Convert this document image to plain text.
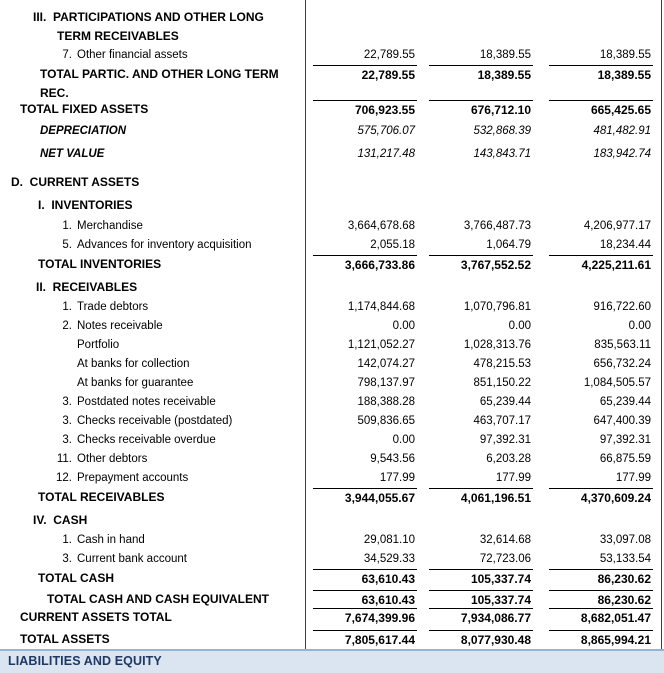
III.  PARTICIPATIONS AND OTHER LONG
TERM RECEIVABLES
7. Other financial assets	22,789.55	18,389.55	18,389.55
TOTAL PARTIC. AND OTHER LONG TERM	22,789.55	18,389.55	18,389.55
REC.
TOTAL FIXED ASSETS	706,923.55	676,712.10	665,425.65
DEPRECIATION	575,706.07	532,868.39	481,482.91
NET VALUE	131,217.48	143,843.71	183,942.74
D.  CURRENT ASSETS
I.  INVENTORIES
1. Merchandise	3,664,678.68	3,766,487.73	4,206,977.17
5. Advances for inventory acquisition	2,055.18	1,064.79	18,234.44
TOTAL INVENTORIES	3,666,733.86	3,767,552.52	4,225,211.61
II.  RECEIVABLES
1. Trade debtors	1,174,844.68	1,070,796.81	916,722.60
2. Notes receivable	0.00	0.00	0.00
Portfolio	1,121,052.27	1,028,313.76	835,563.11
At banks for collection	142,074.27	478,215.53	656,732.24
At banks for guarantee	798,137.97	851,150.22	1,084,505.57
3. Postdated notes receivable	188,388.28	65,239.44	65,239.44
3. Checks receivable (postdated)	509,836.65	463,707.17	647,400.39
3. Checks receivable overdue	0.00	97,392.31	97,392.31
11. Other debtors	9,543.56	6,203.28	66,875.59
12. Prepayment accounts	177.99	177.99	177.99
TOTAL RECEIVABLES	3,944,055.67	4,061,196.51	4,370,609.24
IV.  CASH
1. Cash in hand	29,081.10	32,614.68	33,097.08
3. Current bank account	34,529.33	72,723.06	53,133.54
TOTAL CASH	63,610.43	105,337.74	86,230.62
TOTAL CASH AND CASH EQUIVALENT	63,610.43	105,337.74	86,230.62
CURRENT ASSETS TOTAL	7,674,399.96	7,934,086.77	8,682,051.47
TOTAL ASSETS	7,805,617.44	8,077,930.48	8,865,994.21
LIABILITIES AND EQUITY
